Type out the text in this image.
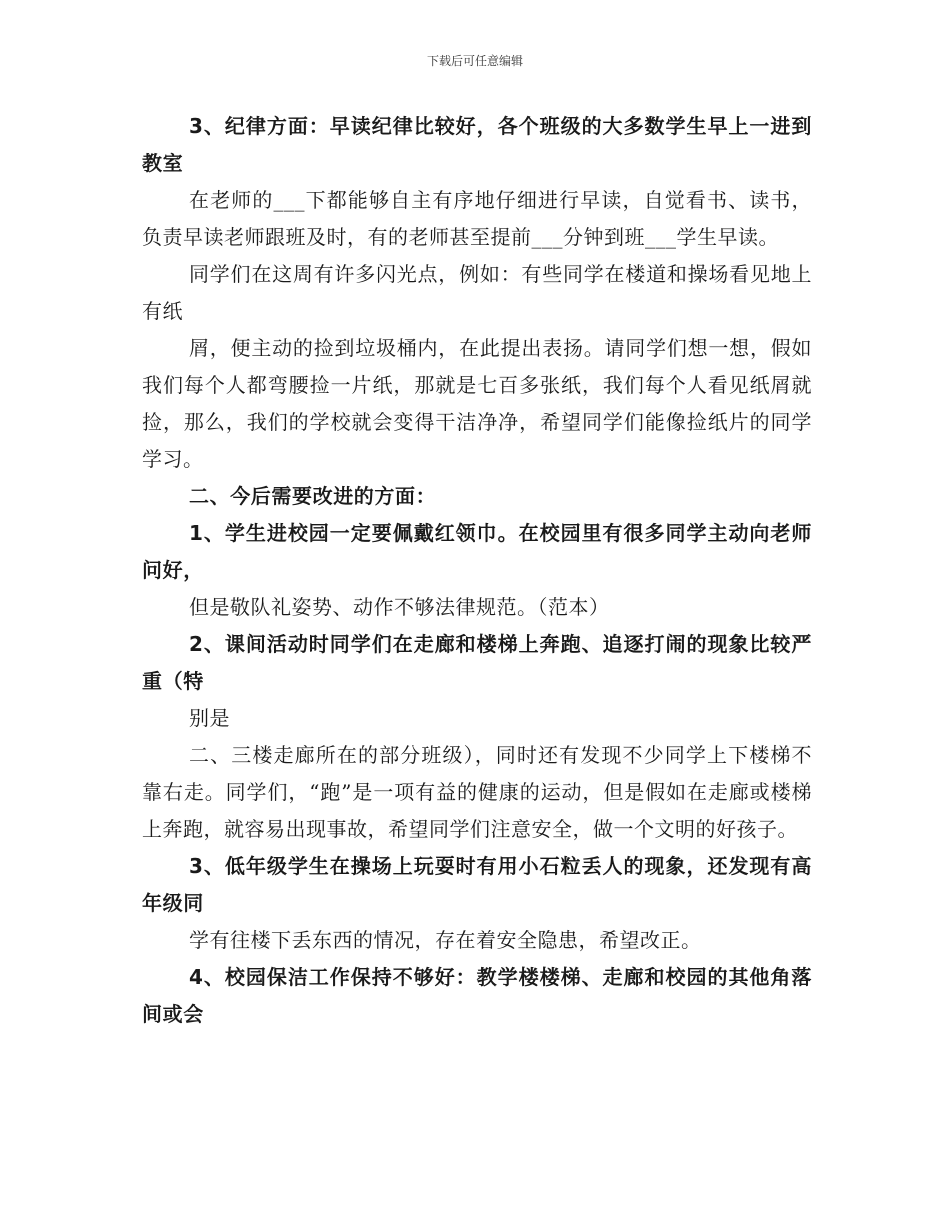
下载后可任意编辑

3、纪律方面：早读纪律比较好，各个班级的大多数学生早上一进到教室

在老师的___下都能够自主有序地仔细进行早读，自觉看书、读书，负责早读老师跟班及时，有的老师甚至提前___分钟到班___学生早读。

同学们在这周有许多闪光点，例如：有些同学在楼道和操场看见地上有纸

屑，便主动的捡到垃圾桶内，在此提出表扬。请同学们想一想，假如我们每个人都弯腰捡一片纸，那就是七百多张纸，我们每个人看见纸屑就捡，那么，我们的学校就会变得干洁净净，希望同学们能像捡纸片的同学学习。

二、今后需要改进的方面：

1、学生进校园一定要佩戴红领巾。在校园里有很多同学主动向老师问好，

但是敬队礼姿势、动作不够法律规范。（范本）

2、课间活动时同学们在走廊和楼梯上奔跑、追逐打闹的现象比较严重（特

别是

二、三楼走廊所在的部分班级），同时还有发现不少同学上下楼梯不靠右走。同学们，“跑”是一项有益的健康的运动，但是假如在走廊或楼梯上奔跑，就容易出现事故，希望同学们注意安全，做一个文明的好孩子。

3、低年级学生在操场上玩耍时有用小石粒丢人的现象，还发现有高年级同

学有往楼下丢东西的情况，存在着安全隐患，希望改正。

4、校园保洁工作保持不够好：教学楼楼梯、走廊和校园的其他角落间或会
